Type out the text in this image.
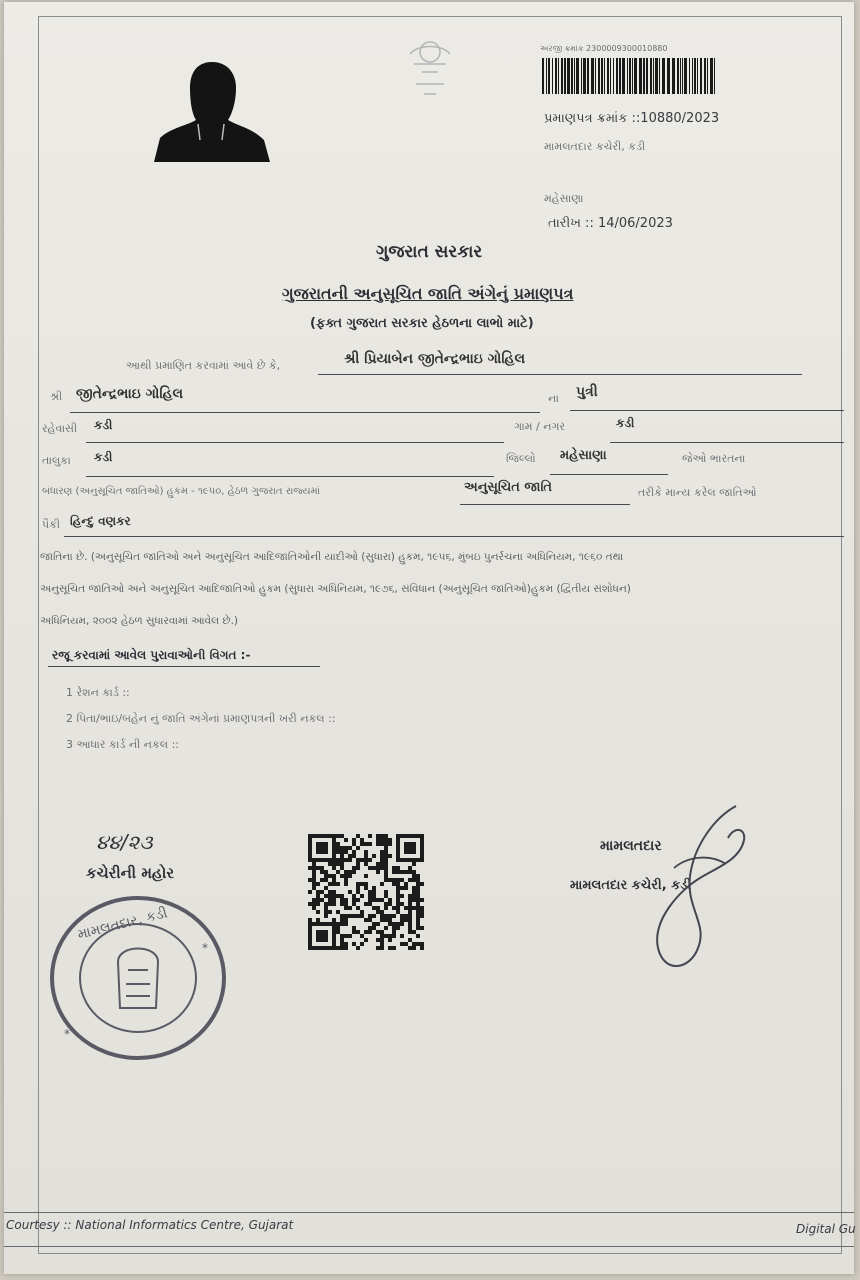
અરજી ક્રમાંક 2300009300010880
પ્રમાણપત્ર ક્રમાંક ::10880/2023
મામલતદાર કચેરી, કડી
મહેસાણા
તારીખ :: 14/06/2023
ગુજરાત સરકાર
ગુજરાતની અનુસૂચિત જાતિ અંગેનું પ્રમાણપત્ર
(ફક્ત ગુજરાત સરકાર હેઠળના લાભો માટે)
આથી પ્રમાણિત કરવામાં આવે છે કે,	શ્રી પ્રિયાબેન જીતેન્દ્રભાઇ ગોહિલ
શ્રી જીતેન્દ્રભાઇ ગોહિલ	ના પુત્રી
રહેવાસી કડી	ગામ / નગર	કડી
તાલુકા કડી	જિલ્લો મહેસાણા	જેઓ ભારતના
બંધારણ (અનુસૂચિત જાતિઓ) હુકમ - ૧૯૫૦, હેઠળ ગુજરાત રાજ્યમાં	અનુસૂચિત જાતિ	તરીકે માન્ય કરેલ જાતિઓ
પૈકી હિન્દુ વણકર
જાતિના છે. (અનુસૂચિત જાતિઓ અને અનુસૂચિત આદિજાતિઓની યાદીઓ (સુધારા) હુકમ, ૧૯૫૬, મુંબઇ પુનર્રચના અધિનિયમ, ૧૯૬૦ તથા
અનુસૂચિત જાતિઓ અને અનુસૂચિત આદિજાતિઓ હુકમ (સુધારા અધિનિયમ, ૧૯૭૬, સંવિધાન (અનુસૂચિત જાતિઓ)હુકમ (દ્વિતીય સંશોધન)
અધિનિયમ, ૨૦૦૨ હેઠળ સુધારવામાં આવેલ છે.)
રજૂ કરવામાં આવેલ પુરાવાઓની વિગત :-
1 રેશન કાર્ડ ::
2 પિતા/ભાઇ/બહેન નું જાતિ અંગેનાં પ્રમાણપત્રની ખરી નકલ ::
3 આધાર કાર્ડ ની નકલ ::
૪૪/૨૩
કચેરીની મહોર
મામલતદાર, કડી
*
*
મામલતદાર
મામલતદાર કચેરી, કડી
Courtesy :: National Informatics Centre, Gujarat	Digital Gu
